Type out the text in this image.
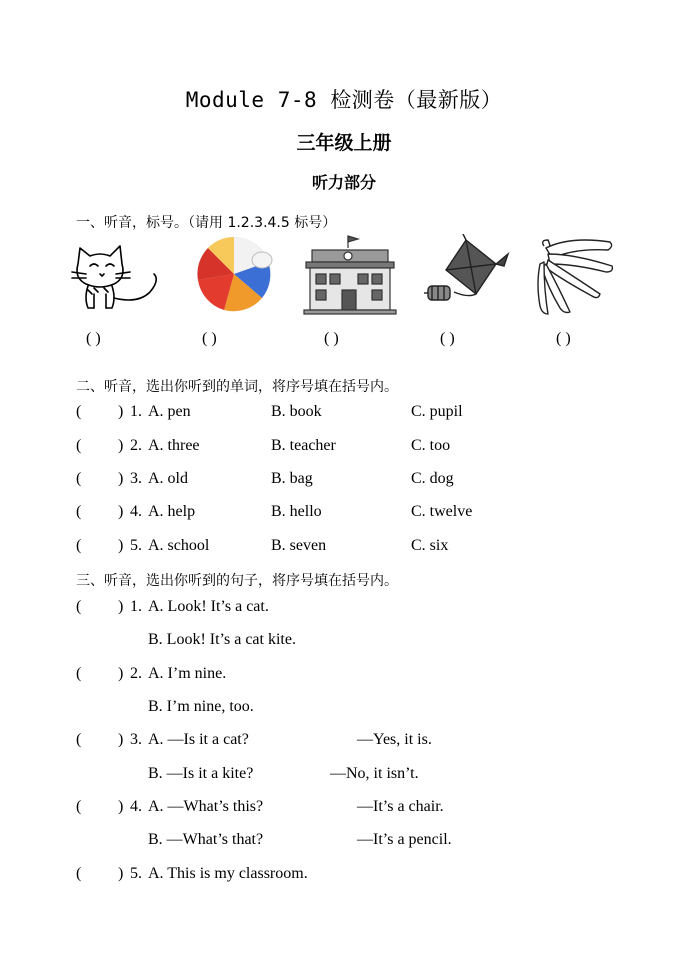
Module 7-8 检测卷（最新版）
三年级上册
听力部分
一、听音，标号。（请用 1.2.3.4.5 标号）
( )	( )	( )	( )	( )
二、听音，选出你听到的单词，将序号填在括号内。
( ) 1. A. pen	B. book	C. pupil
( ) 2. A. three	B. teacher	C. too
( ) 3. A. old	B. bag	C. dog
( ) 4. A. help	B. hello	C. twelve
( ) 5. A. school	B. seven	C. six
三、听音，选出你听到的句子，将序号填在括号内。
( ) 1. A. Look! It’s a cat.
B. Look! It’s a cat kite.
( ) 2. A. I’m nine.
B. I’m nine, too.
( ) 3. A. —Is it a cat?	—Yes, it is.
B. —Is it a kite?	—No, it isn’t.
( ) 4. A. —What’s this?	—It’s a chair.
B. —What’s that?	—It’s a pencil.
( ) 5. A. This is my classroom.
